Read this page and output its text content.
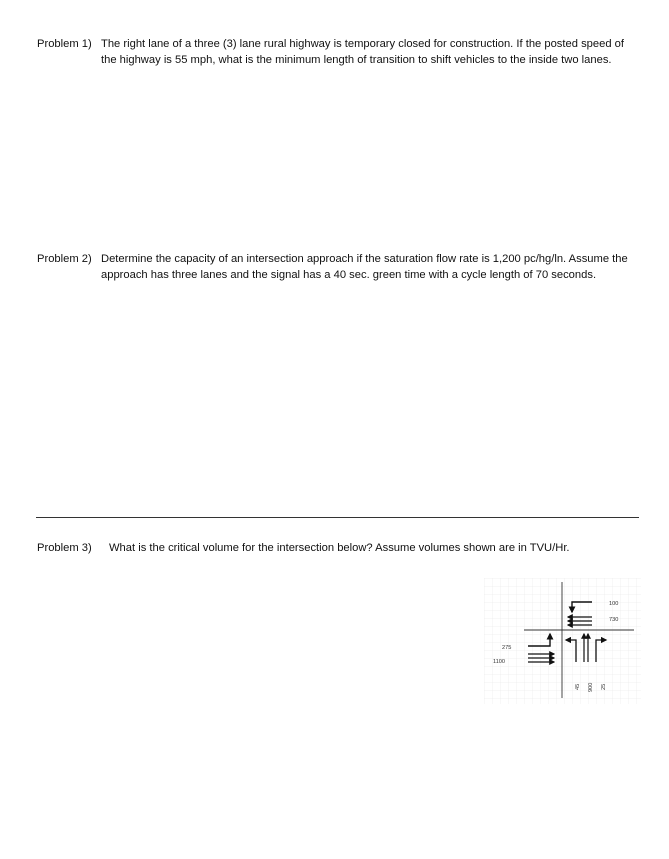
Problem 1) The right lane of a three (3) lane rural highway is temporary closed for construction. If the posted speed of the highway is 55 mph, what is the minimum length of transition to shift vehicles to the inside two lanes.
Problem 2) Determine the capacity of an intersection approach if the saturation flow rate is 1,200 pc/hg/ln. Assume the approach has three lanes and the signal has a 40 sec. green time with a cycle length of 70 seconds.
Problem 3) What is the critical volume for the intersection below? Assume volumes shown are in TVU/Hr.
100
730
275
1100
45 900 25
